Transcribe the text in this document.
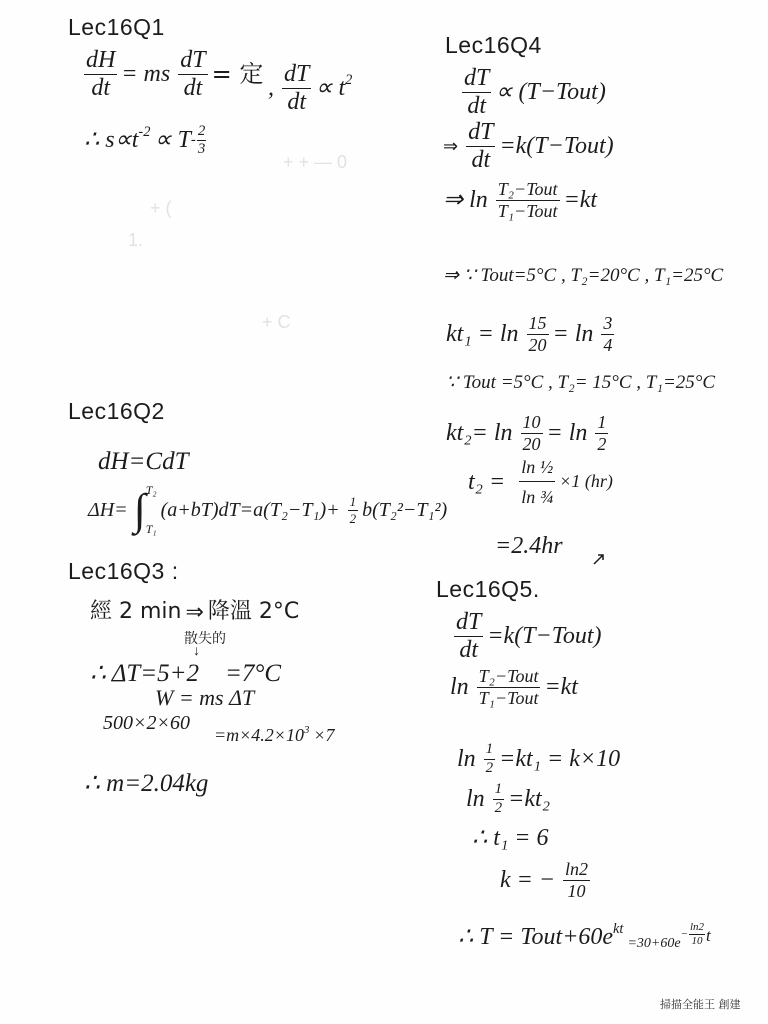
Lec16Q1
$\frac{dH}{dt}$ = ms $\frac{dT}{dt}$ = 定 , $\frac{dT}{dt} \propto t^2$
∴ $s\propto t^{-2} \propto T - \frac{2}{3}$
+ + — 0
+ (
1.
+ C
Lec16Q2
dH=CdT
ΔH= ∫ T₂
T₁
$(a+bT)dT=a(T_2-T_1)+ \frac{1}{2} b(T_2^2-T_1^2)$
Lec16Q3 :
經 2 min ⇒ 降溫 2°C
散失的
↓
∴ ΔT=5+2 =7°C
W = ms ΔT
500×2×60
$=m\times 4.2\times 10^3 \times 7$
∴ m=2.04kg
Lec16Q4
$\frac{dT}{dt}$ ∝ (T−Tout)
⇒ $\frac{dT}{dt}$ =k(T−Tout)
⇒ $\ln \frac{\text{T₂−Tout}}{\text{T₁−Tout}} =kt$
⇒ ∵ Tout=5°C , T₂=20°C , T₁=25°C
$kt_1 = \ln \frac{15}{20} = \ln \frac{3}{4}$
∵ Tout =5°C , T₂= 15°C , T₁=25°C
$kt_2= \ln \frac{10}{20} = \ln \frac{1}{2}$
$t_2 = \frac{\text{ln ½}}{\text{ln ¾}} \times 1$ (hr)
=2.4hr
Lec16Q5.
$\frac{dT}{dt}$ =k(T−Tout)
$\ln \frac{\text{T₂−Tout}}{\text{T₁−Tout}} =kt$
$\ln \frac{1}{2} =kt_1 = k\times 10$
$\ln \frac{1}{2} =kt_2$
∴ t₁ = 6
k = − $\frac{\ln 2}{10}$
∴ $T = Tout+60e^{kt}$
=30+60e
− $\frac{\ln 2}{10}$ t
掃描全能王 創建
